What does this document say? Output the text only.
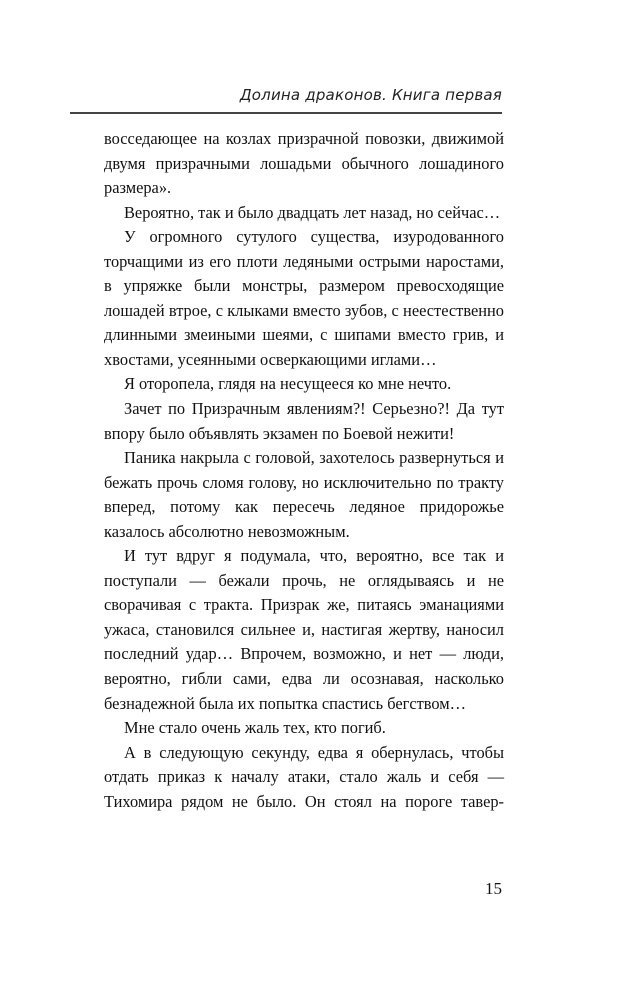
Долина драконов. Книга первая

восседающее на козлах призрачной повозки, движимой двумя призрачными лошадьми обычного лошадиного размера».

Вероятно, так и было двадцать лет назад, но сейчас…

У огромного сутулого существа, изуродованного торчащими из его плоти ледяными острыми наростами, в упряжке были монстры, размером превосходящие лошадей втрое, с клыками вместо зубов, с неестественно длинными змеиными шеями, с шипами вместо грив, и хвостами, усеянными осверкающими иглами…

Я оторопела, глядя на несущееся ко мне нечто.

Зачет по Призрачным явлениям?! Серьезно?! Да тут впору было объявлять экзамен по Боевой нежити!

Паника накрыла с головой, захотелось развернуться и бежать прочь сломя голову, но исключительно по тракту вперед, потому как пересечь ледяное придорожье казалось абсолютно невозможным.

И тут вдруг я подумала, что, вероятно, все так и поступали — бежали прочь, не оглядываясь и не сворачивая с тракта. Призрак же, питаясь эманациями ужаса, становился сильнее и, настигая жертву, наносил последний удар… Впрочем, возможно, и нет — люди, вероятно, гибли сами, едва ли осознавая, насколько безнадежной была их попытка спастись бегством…

Мне стало очень жаль тех, кто погиб.

А в следующую секунду, едва я обернулась, чтобы отдать приказ к началу атаки, стало жаль и себя — Тихомира рядом не было. Он стоял на пороге тавер-

15
